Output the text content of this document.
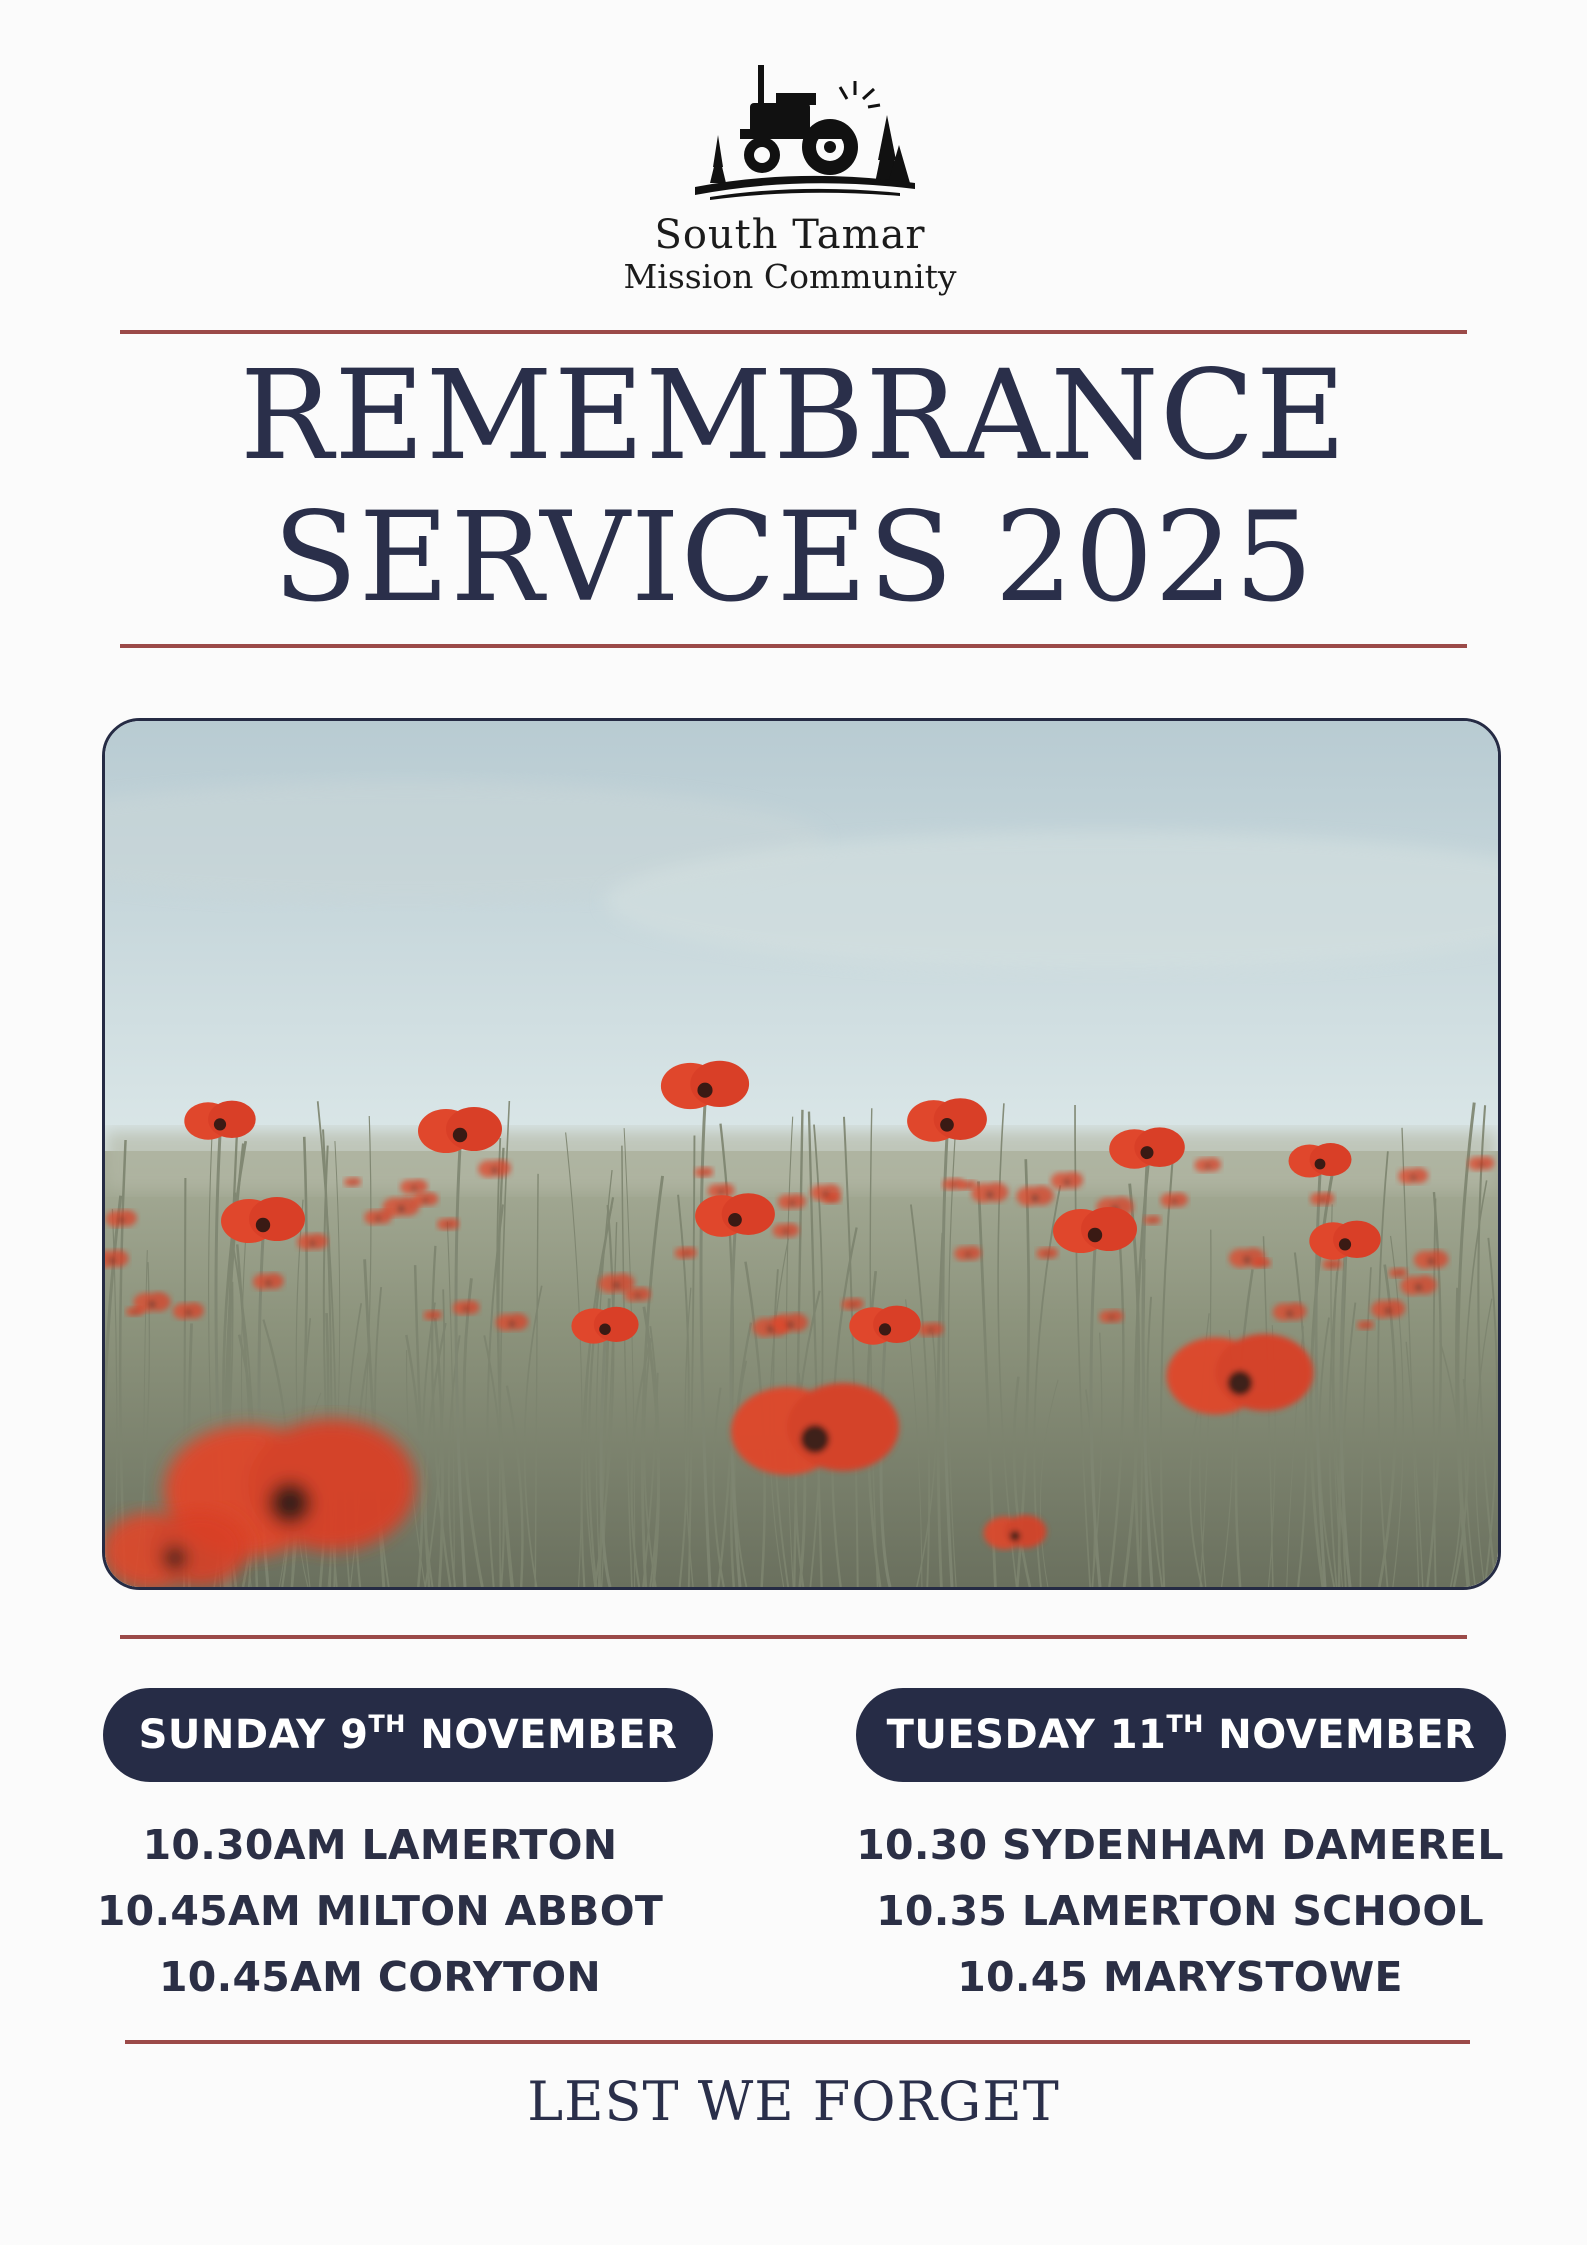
South Tamar
Mission Community
REMEMBRANCE
SERVICES 2025
SUNDAY 9TH NOVEMBER	TUESDAY 11TH NOVEMBER
10.30AM LAMERTON
10.45AM MILTON ABBOT
10.45AM CORYTON
10.30 SYDENHAM DAMEREL
10.35 LAMERTON SCHOOL
10.45 MARYSTOWE
LEST WE FORGET
